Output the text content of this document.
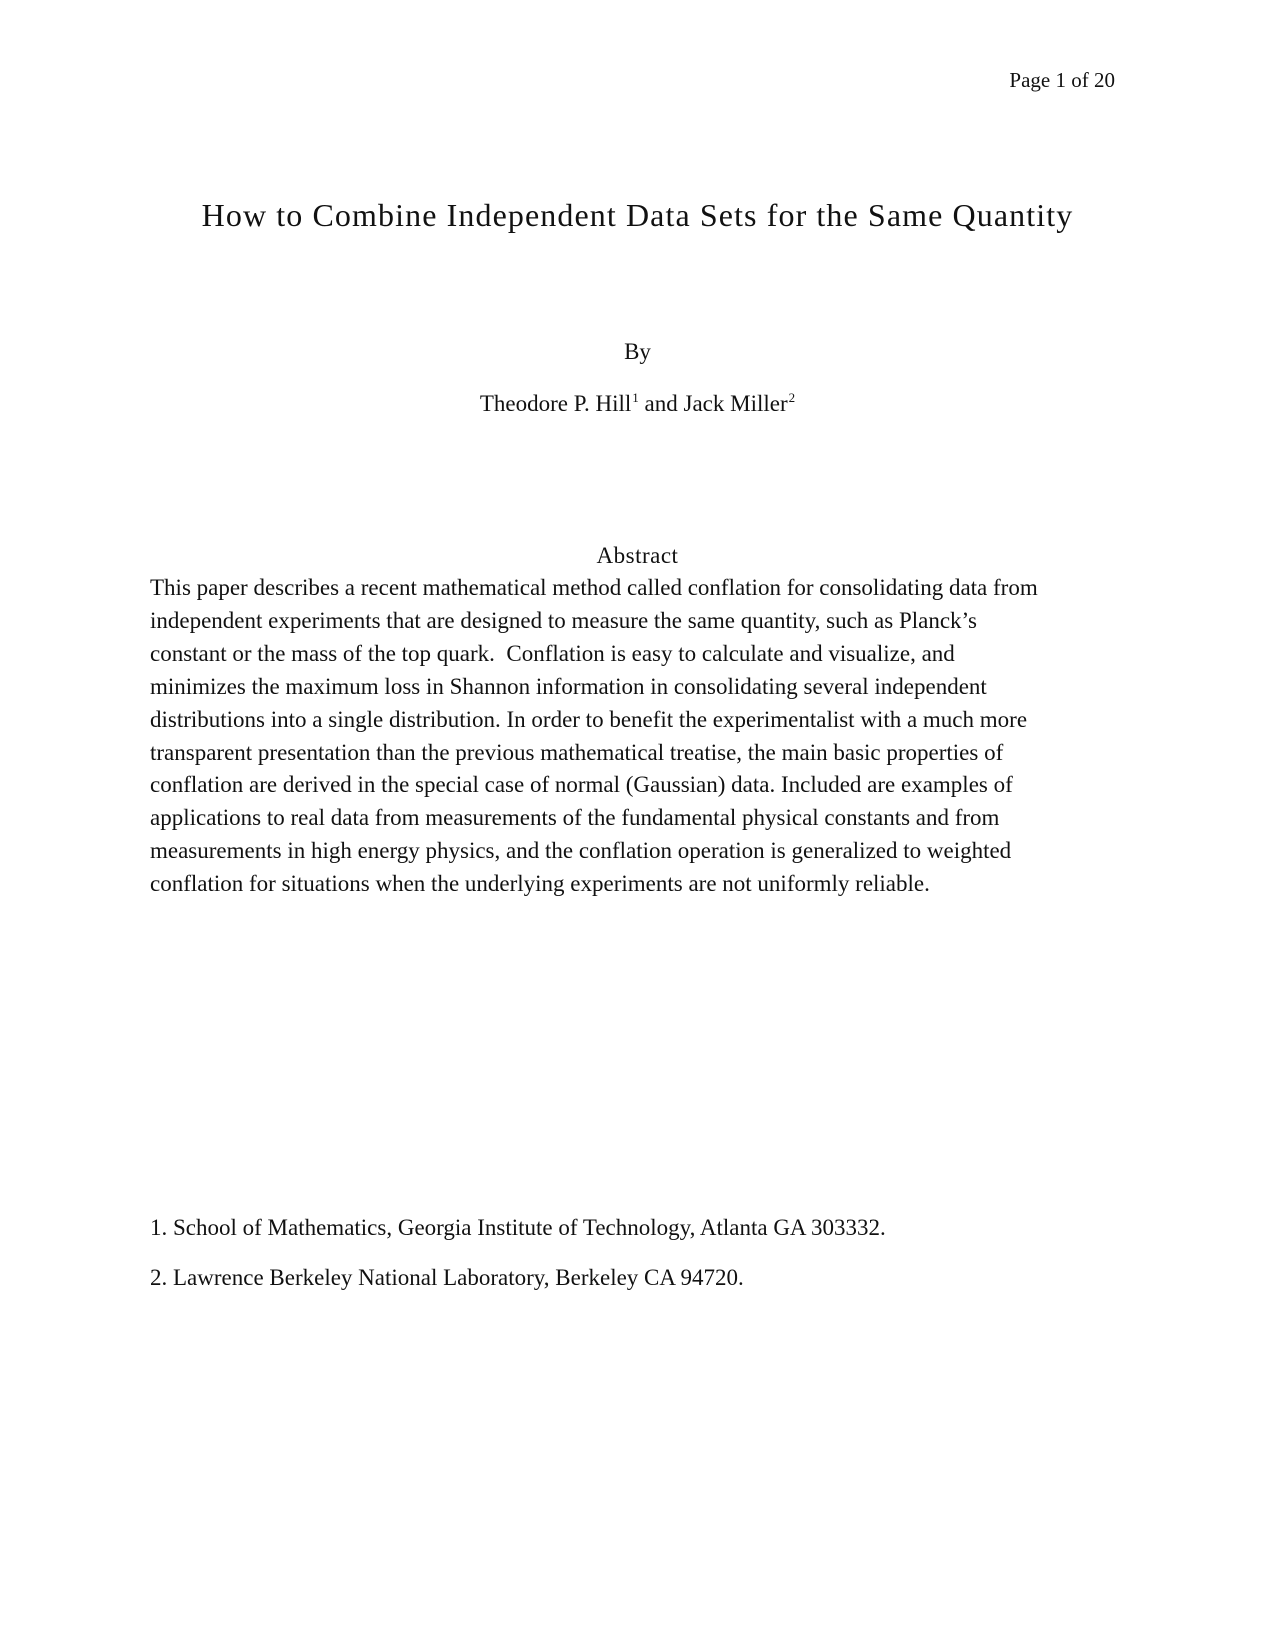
Page 1 of 20
How to Combine Independent Data Sets for the Same Quantity
By
Theodore P. Hill$^1$ and Jack Miller$^2$
Abstract
This paper describes a recent mathematical method called conflation for consolidating data from
independent experiments that are designed to measure the same quantity, such as Planck’s
constant or the mass of the top quark.  Conflation is easy to calculate and visualize, and
minimizes the maximum loss in Shannon information in consolidating several independent
distributions into a single distribution. In order to benefit the experimentalist with a much more
transparent presentation than the previous mathematical treatise, the main basic properties of
conflation are derived in the special case of normal (Gaussian) data. Included are examples of
applications to real data from measurements of the fundamental physical constants and from
measurements in high energy physics, and the conflation operation is generalized to weighted
conflation for situations when the underlying experiments are not uniformly reliable.
1. School of Mathematics, Georgia Institute of Technology, Atlanta GA 303332.
2. Lawrence Berkeley National Laboratory, Berkeley CA 94720.
